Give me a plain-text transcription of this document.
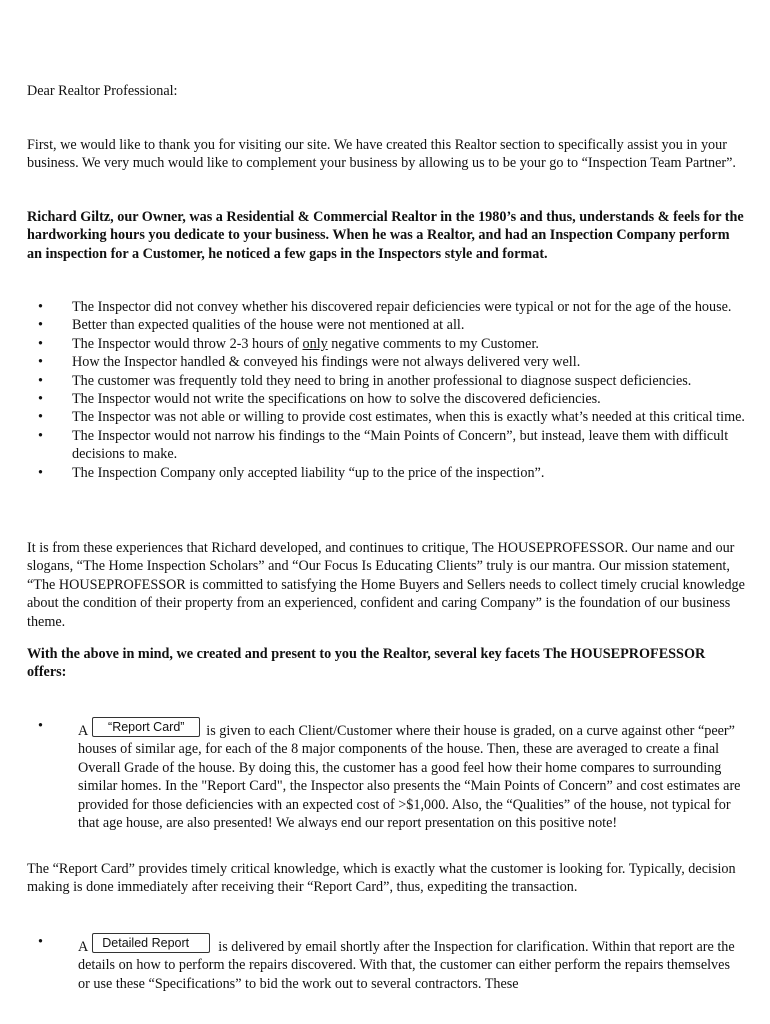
Dear Realtor Professional:

First, we would like to thank you for visiting our site. We have created this Realtor section to specifically assist you in your business. We very much would like to complement your business by allowing us to be your go to “Inspection Team Partner”.

Richard Giltz, our Owner, was a Residential & Commercial Realtor in the 1980’s and thus, understands & feels for the hardworking hours you dedicate to your business. When he was a Realtor, and had an Inspection Company perform an inspection for a Customer, he noticed a few gaps in the Inspectors style and format.

• The Inspector did not convey whether his discovered repair deficiencies were typical or not for the age of the house.
• Better than expected qualities of the house were not mentioned at all.
• The Inspector would throw 2-3 hours of only negative comments to my Customer.
• How the Inspector handled & conveyed his findings were not always delivered very well.
• The customer was frequently told they need to bring in another professional to diagnose suspect deficiencies.
• The Inspector would not write the specifications on how to solve the discovered deficiencies.
• The Inspector was not able or willing to provide cost estimates, when this is exactly what’s needed at this critical time.
• The Inspector would not narrow his findings to the “Main Points of Concern”, but instead, leave them with difficult decisions to make.
• The Inspection Company only accepted liability “up to the price of the inspection”.

It is from these experiences that Richard developed, and continues to critique, The HOUSEPROFESSOR. Our name and our slogans, “The Home Inspection Scholars” and “Our Focus Is Educating Clients” truly is our mantra. Our mission statement, “The HOUSEPROFESSOR is committed to satisfying the Home Buyers and Sellers needs to collect timely crucial knowledge about the condition of their property from an experienced, confident and caring Company” is the foundation of our business theme.

With the above in mind, we created and present to you the Realtor, several key facets The HOUSEPROFESSOR offers:

• A “Report Card” is given to each Client/Customer where their house is graded, on a curve against other “peer” houses of similar age, for each of the 8 major components of the house. Then, these are averaged to create a final Overall Grade of the house. By doing this, the customer has a good feel how their home compares to surrounding similar homes. In the "Report Card", the Inspector also presents the “Main Points of Concern” and cost estimates are provided for those deficiencies with an expected cost of >$1,000. Also, the “Qualities” of the house, not typical for that age house, are also presented! We always end our report presentation on this positive note!

The “Report Card” provides timely critical knowledge, which is exactly what the customer is looking for. Typically, decision making is done immediately after receiving their “Report Card”, thus, expediting the transaction.

• A Detailed Report is delivered by email shortly after the Inspection for clarification. Within that report are the details on how to perform the repairs discovered. With that, the customer can either perform the repairs themselves or use these “Specifications” to bid the work out to several contractors. These
